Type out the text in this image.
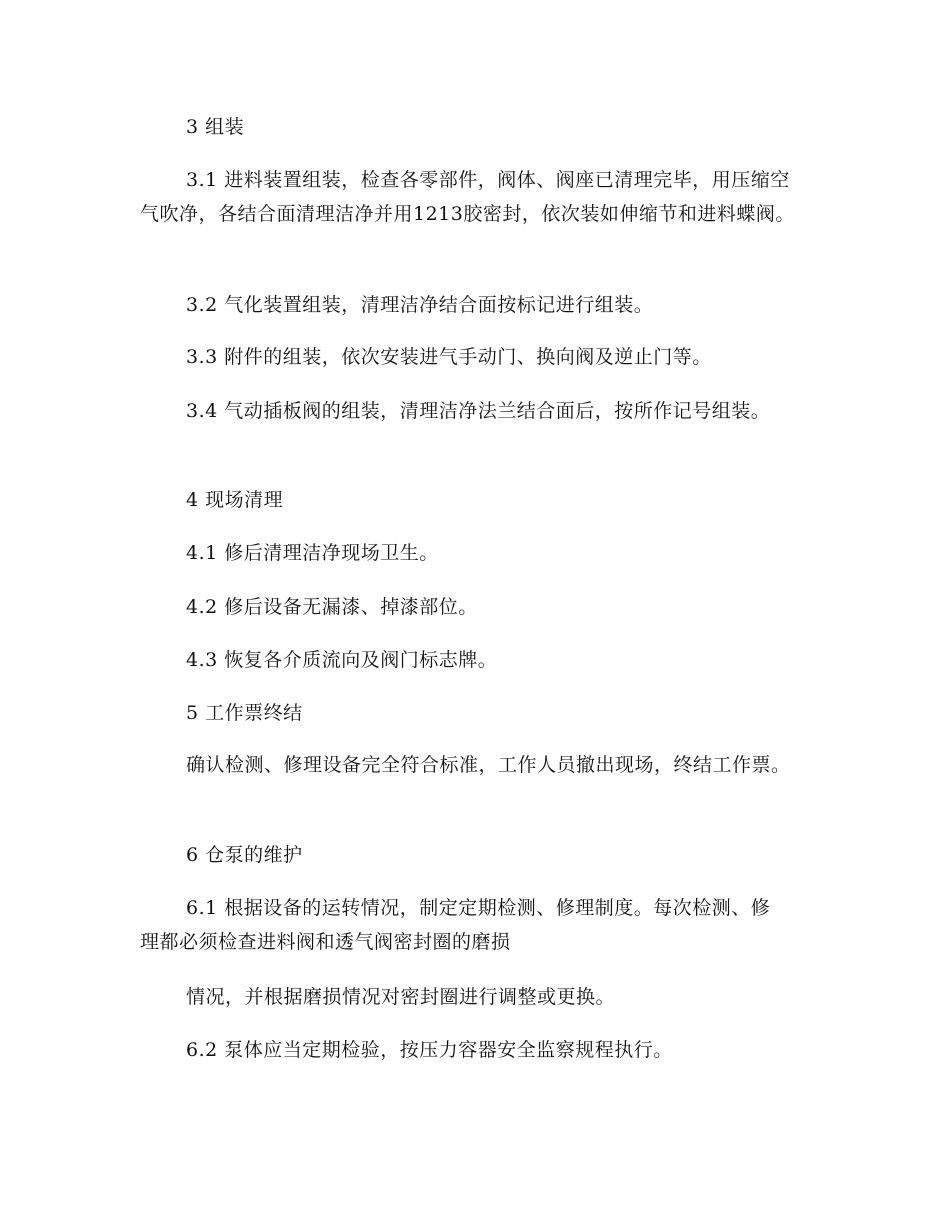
3 组装

3.1 进料装置组装，检查各零部件，阀体、阀座已清理完毕，用压缩空气吹净，各结合面清理洁净并用1213胶密封，依次装如伸缩节和进料蝶阀。

3.2 气化装置组装，清理洁净结合面按标记进行组装。

3.3 附件的组装，依次安装进气手动门、换向阀及逆止门等。

3.4 气动插板阀的组装，清理洁净法兰结合面后，按所作记号组装。

4 现场清理

4.1 修后清理洁净现场卫生。

4.2 修后设备无漏漆、掉漆部位。

4.3 恢复各介质流向及阀门标志牌。

5 工作票终结

确认检测、修理设备完全符合标准，工作人员撤出现场，终结工作票。

6 仓泵的维护

6.1 根据设备的运转情况，制定定期检测、修理制度。每次检测、修理都必须检查进料阀和透气阀密封圈的磨损

情况，并根据磨损情况对密封圈进行调整或更换。

6.2 泵体应当定期检验，按压力容器安全监察规程执行。
